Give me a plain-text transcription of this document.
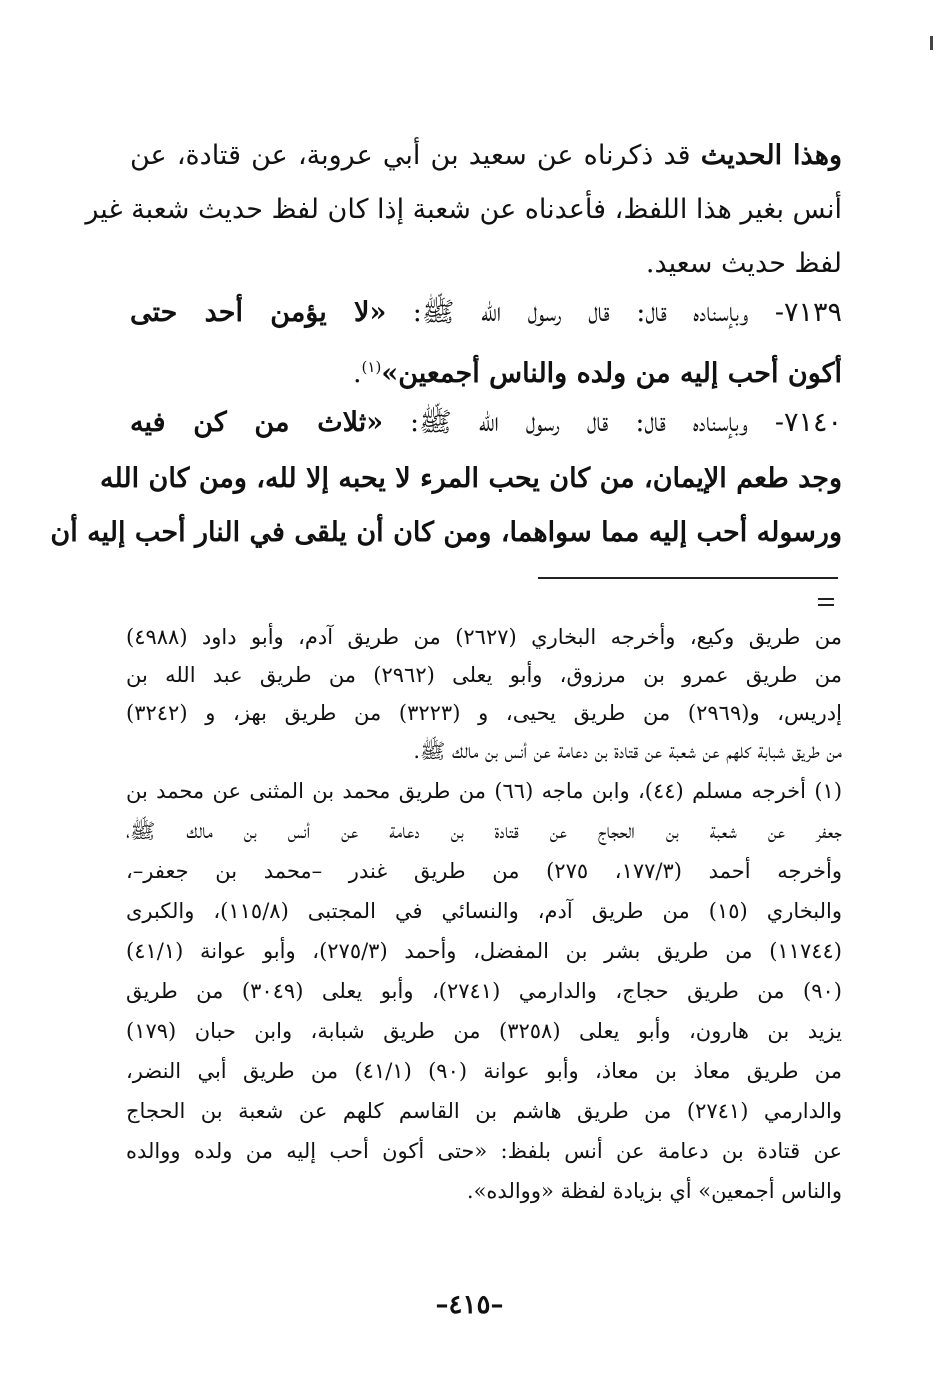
وهذا الحديث قد ذكرناه عن سعيد بن أبي عروبة، عن قتادة، عن
أنس بغير هذا اللفظ، فأعدناه عن شعبة إذا كان لفظ حديث شعبة غير
لفظ حديث سعيد.
٧١٣٩- وبإسناده قال: قال رسول الله ﷺ: «لا يؤمن أحد حتى
أكون أحب إليه من ولده والناس أجمعين»$^{(١)}$.
٧١٤٠- وبإسناده قال: قال رسول الله ﷺ: «ثلاث من كن فيه
وجد طعم الإيمان، من كان يحب المرء لا يحبه إلا لله، ومن كان الله
ورسوله أحب إليه مما سواهما، ومن كان أن يلقى في النار أحب إليه أن
من طريق وكيع، وأخرجه البخاري (٢٦٢٧) من طريق آدم، وأبو داود (٤٩٨٨)
من طريق عمرو بن مرزوق، وأبو يعلى (٢٩٦٢) من طريق عبد الله بن
إدريس، و(٢٩٦٩) من طريق يحيى، و (٣٢٢٣) من طريق بهز، و (٣٢٤٢)
من طريق شبابة كلهم عن شعبة عن قتادة بن دعامة عن أنس بن مالك ﷺ.
(١) أخرجه مسلم (٤٤)، وابن ماجه (٦٦) من طريق محمد بن المثنى عن محمد بن
جعفر عن شعبة بن الحجاج عن قتادة بن دعامة عن أنس بن مالك ﷺ،
وأخرجه أحمد (١٧٧/٣، ٢٧٥) من طريق غندر –محمد بن جعفر–،
والبخاري (١٥) من طريق آدم، والنسائي في المجتبى (١١٥/٨)، والكبرى
(١١٧٤٤) من طريق بشر بن المفضل، وأحمد (٢٧٥/٣)، وأبو عوانة (٤١/١)
(٩٠) من طريق حجاج، والدارمي (٢٧٤١)، وأبو يعلى (٣٠٤٩) من طريق
يزيد بن هارون، وأبو يعلى (٣٢٥٨) من طريق شبابة، وابن حبان (١٧٩)
من طريق معاذ بن معاذ، وأبو عوانة (٩٠) (٤١/١) من طريق أبي النضر،
والدارمي (٢٧٤١) من طريق هاشم بن القاسم كلهم عن شعبة بن الحجاج
عن قتادة بن دعامة عن أنس بلفظ: «حتى أكون أحب إليه من ولده ووالده
والناس أجمعين» أي بزيادة لفظة «ووالده».
–٤١٥–
